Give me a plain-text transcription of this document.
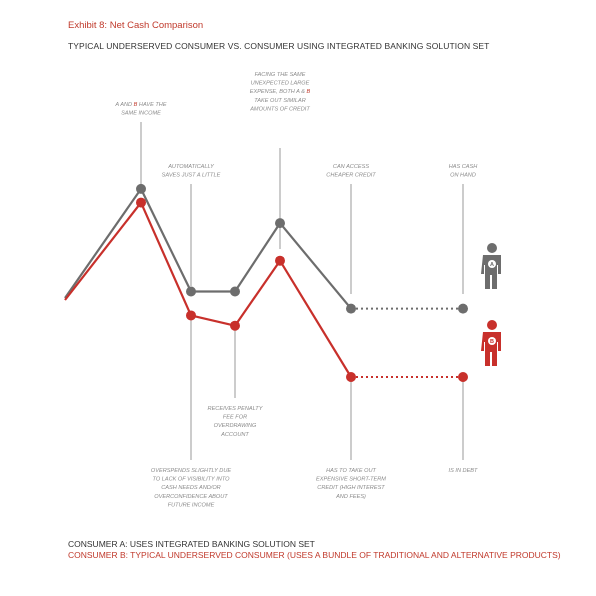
Exhibit 8: Net Cash Comparison
TYPICAL UNDERSERVED CONSUMER VS. CONSUMER USING INTEGRATED BANKING SOLUTION SET
A AND B HAVE THE SAME INCOME
AUTOMATICALLY SAVES JUST A LITTLE
OVERSPENDS SLIGHTLY DUE TO LACK OF VISIBILITY INTO CASH NEEDS AND/OR OVERCONFIDENCE ABOUT FUTURE INCOME
RECEIVES PENALTY FEE FOR OVERDRAWING ACCOUNT
FACING THE SAME UNEXPECTED LARGE EXPENSE, BOTH A & B TAKE OUT SIMILAR AMOUNTS OF CREDIT
CAN ACCESS CHEAPER CREDIT
HAS TO TAKE OUT EXPENSIVE SHORT-TERM CREDIT (HIGH INTEREST AND FEES)
HAS CASH ON HAND
IS IN DEBT
A
B
CONSUMER A: USES INTEGRATED BANKING SOLUTION SET
CONSUMER B: TYPICAL UNDERSERVED CONSUMER (USES A BUNDLE OF TRADITIONAL AND ALTERNATIVE PRODUCTS)
